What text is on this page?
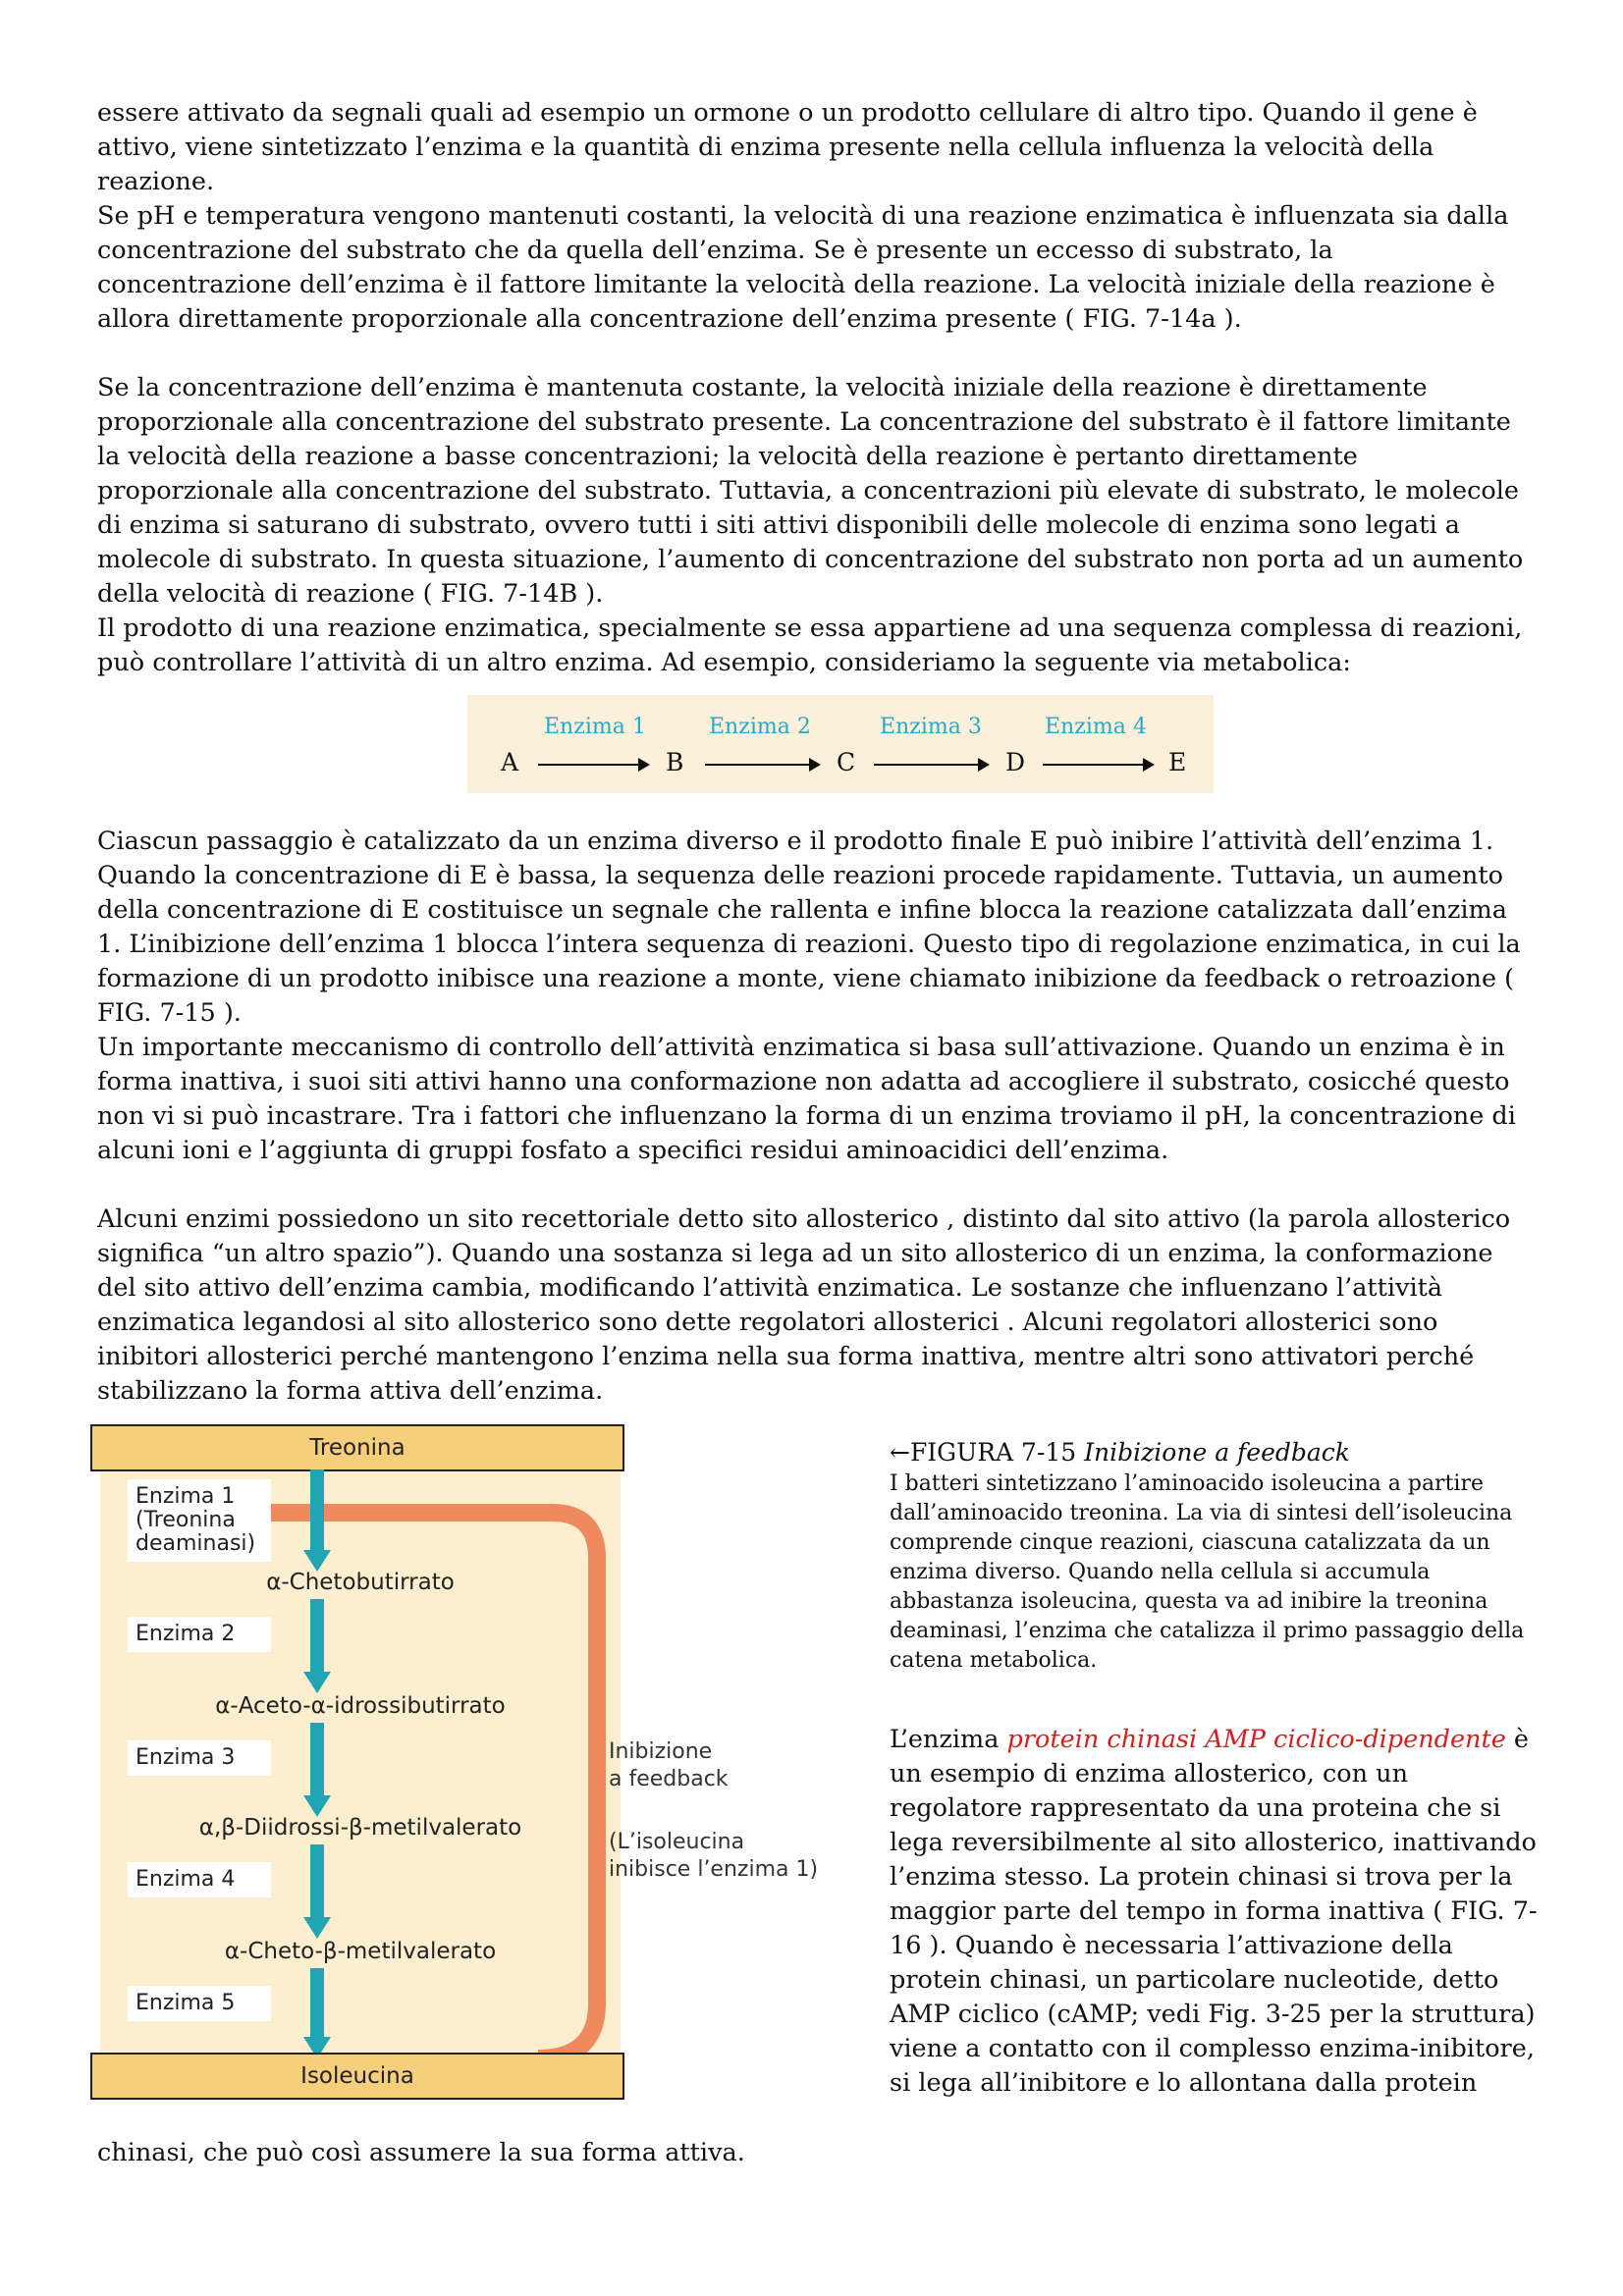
essere attivato da segnali quali ad esempio un ormone o un prodotto cellulare di altro tipo. Quando il gene è attivo, viene sintetizzato l’enzima e la quantità di enzima presente nella cellula influenza la velocità della reazione.

Se pH e temperatura vengono mantenuti costanti, la velocità di una reazione enzimatica è influenzata sia dalla concentrazione del substrato che da quella dell’enzima. Se è presente un eccesso di substrato, la concentrazione dell’enzima è il fattore limitante la velocità della reazione. La velocità iniziale della reazione è allora direttamente proporzionale alla concentrazione dell’enzima presente ( FIG. 7-14a ).

Se la concentrazione dell’enzima è mantenuta costante, la velocità iniziale della reazione è direttamente proporzionale alla concentrazione del substrato presente. La concentrazione del substrato è il fattore limitante la velocità della reazione a basse concentrazioni; la velocità della reazione è pertanto direttamente proporzionale alla concentrazione del substrato. Tuttavia, a concentrazioni più elevate di substrato, le molecole di enzima si saturano di substrato, ovvero tutti i siti attivi disponibili delle molecole di enzima sono legati a molecole di substrato. In questa situazione, l’aumento di concentrazione del substrato non porta ad un aumento della velocità di reazione ( FIG. 7-14B ).

Il prodotto di una reazione enzimatica, specialmente se essa appartiene ad una sequenza complessa di reazioni, può controllare l’attività di un altro enzima. Ad esempio, consideriamo la seguente via metabolica:

Enzima 1	Enzima 2	Enzima 3	Enzima 4
A	B	C	D	E

Ciascun passaggio è catalizzato da un enzima diverso e il prodotto finale E può inibire l’attività dell’enzima 1. Quando la concentrazione di E è bassa, la sequenza delle reazioni procede rapidamente. Tuttavia, un aumento della concentrazione di E costituisce un segnale che rallenta e infine blocca la reazione catalizzata dall’enzima 1. L’inibizione dell’enzima 1 blocca l’intera sequenza di reazioni. Questo tipo di regolazione enzimatica, in cui la formazione di un prodotto inibisce una reazione a monte, viene chiamato inibizione da feedback o retroazione ( FIG. 7-15 ).

Un importante meccanismo di controllo dell’attività enzimatica si basa sull’attivazione. Quando un enzima è in forma inattiva, i suoi siti attivi hanno una conformazione non adatta ad accogliere il substrato, cosicché questo non vi si può incastrare. Tra i fattori che influenzano la forma di un enzima troviamo il pH, la concentrazione di alcuni ioni e l’aggiunta di gruppi fosfato a specifici residui aminoacidici dell’enzima.

Alcuni enzimi possiedono un sito recettoriale detto sito allosterico , distinto dal sito attivo (la parola allosterico significa “un altro spazio”). Quando una sostanza si lega ad un sito allosterico di un enzima, la conformazione del sito attivo dell’enzima cambia, modificando l’attività enzimatica. Le sostanze che influenzano l’attività enzimatica legandosi al sito allosterico sono dette regolatori allosterici . Alcuni regolatori allosterici sono inibitori allosterici perché mantengono l’enzima nella sua forma inattiva, mentre altri sono attivatori perché stabilizzano la forma attiva dell’enzima.

Treonina
Enzima 1
(Treonina
deaminasi)
α-Chetobutirrato
Enzima 2
α-Aceto-α-idrossibutirrato
Enzima 3
α,β-Diidrossi-β-metilvalerato
Enzima 4
α-Cheto-β-metilvalerato
Enzima 5
Isoleucina
Inibizione
a feedback
(L’isoleucina
inibisce l’enzima 1)
←FIGURA 7-15 Inibizione a feedback
I batteri sintetizzano l’aminoacido isoleucina a partire dall’aminoacido treonina. La via di sintesi dell’isoleucina comprende cinque reazioni, ciascuna catalizzata da un enzima diverso. Quando nella cellula si accumula abbastanza isoleucina, questa va ad inibire la treonina deaminasi, l’enzima che catalizza il primo passaggio della catena metabolica.

L’enzima protein chinasi AMP ciclico-dipendente è un esempio di enzima allosterico, con un regolatore rappresentato da una proteina che si lega reversibilmente al sito allosterico, inattivando l’enzima stesso. La protein chinasi si trova per la maggior parte del tempo in forma inattiva ( FIG. 7-16 ). Quando è necessaria l’attivazione della protein chinasi, un particolare nucleotide, detto AMP ciclico (cAMP; vedi Fig. 3-25 per la struttura) viene a contatto con il complesso enzima-inibitore, si lega all’inibitore e lo allontana dalla protein

chinasi, che può così assumere la sua forma attiva.
